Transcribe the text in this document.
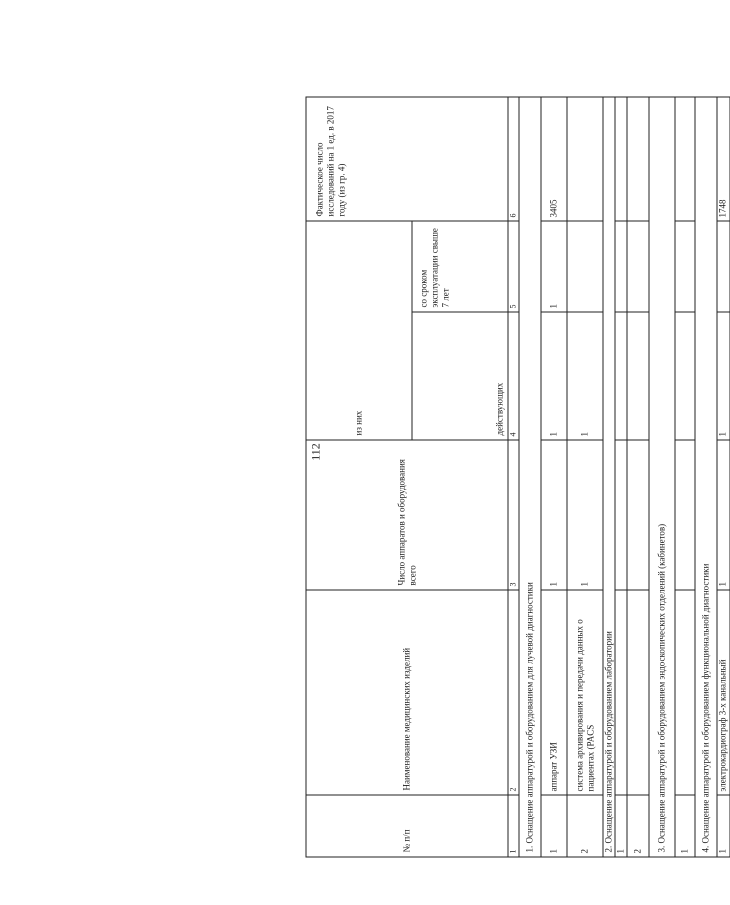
112
№ п/п	Наименование медицинских изделий	Число аппаратов и оборудования всего	из них		Фактическое число исследований на 1 ед. в 2017 году (из гр. 4)
			действующих	со сроком эксплуатации свыше 7 лет	
1	2	3	4	5	6
1. Оснащение аппаратурой и оборудованием для лучевой диагностики					
1	аппарат УЗИ	1	1	1	3405
2	система архивирования и передачи данных о пациентах (PACS	1	1		
2. Оснащение аппаратурой и оборудованием лаборатории					
1					
2					
3. Оснащение аппаратурой и оборудованием эндоскопических отделений (кабинетов)					
1					
4. Оснащение аппаратурой и оборудованием функциональной диагностики					
1	электрокардиограф 3-х канальный	1	1		1748
